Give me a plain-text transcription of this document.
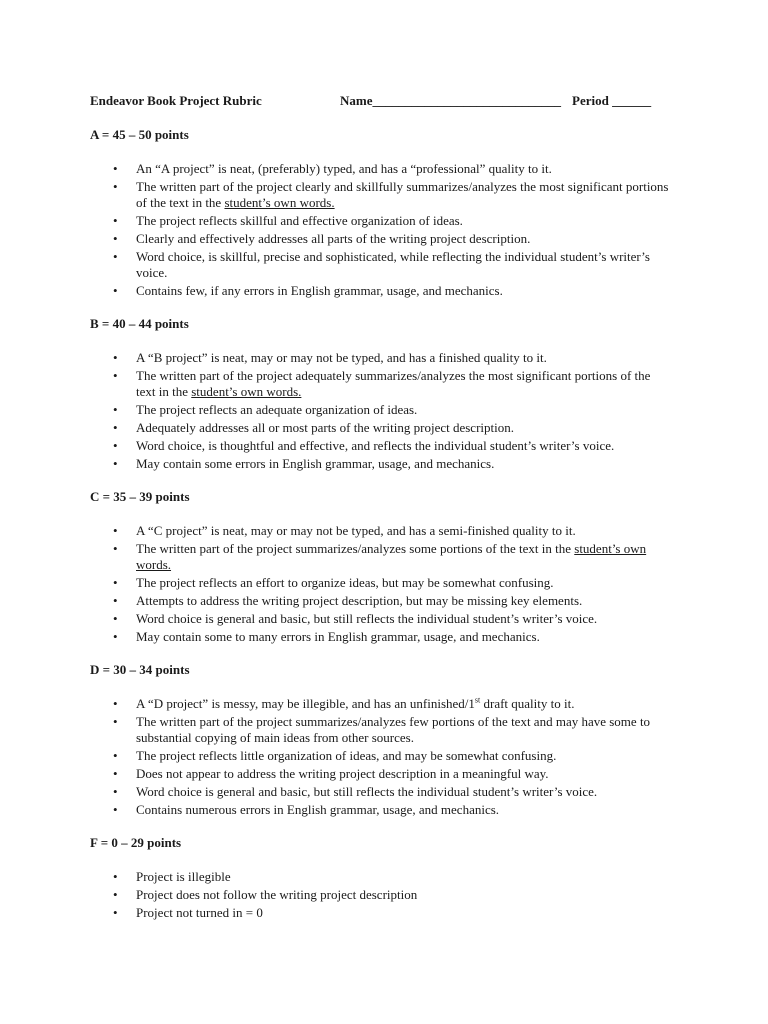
Endeavor Book Project Rubric	Name_____________________________ Period ______
A = 45 – 50 points
• An “A project” is neat, (preferably) typed, and has a “professional” quality to it.
• The written part of the project clearly and skillfully summarizes/analyzes the most significant portions of the text in the student’s own words.
• The project reflects skillful and effective organization of ideas.
• Clearly and effectively addresses all parts of the writing project description.
• Word choice, is skillful, precise and sophisticated, while reflecting the individual student’s writer’s voice.
• Contains few, if any errors in English grammar, usage, and mechanics.
B = 40 – 44 points
• A “B project” is neat, may or may not be typed, and has a finished quality to it.
• The written part of the project adequately summarizes/analyzes the most significant portions of the text in the student’s own words.
• The project reflects an adequate organization of ideas.
• Adequately addresses all or most parts of the writing project description.
• Word choice, is thoughtful and effective, and reflects the individual student’s writer’s voice.
• May contain some errors in English grammar, usage, and mechanics.
C = 35 – 39 points
• A “C project” is neat, may or may not be typed, and has a semi-finished quality to it.
• The written part of the project summarizes/analyzes some portions of the text in the student’s own words.
• The project reflects an effort to organize ideas, but may be somewhat confusing.
• Attempts to address the writing project description, but may be missing key elements.
• Word choice is general and basic, but still reflects the individual student’s writer’s voice.
• May contain some to many errors in English grammar, usage, and mechanics.
D = 30 – 34 points
• A “D project” is messy, may be illegible, and has an unfinished/1st draft quality to it.
• The written part of the project summarizes/analyzes few portions of the text and may have some to substantial copying of main ideas from other sources.
• The project reflects little organization of ideas, and may be somewhat confusing.
• Does not appear to address the writing project description in a meaningful way.
• Word choice is general and basic, but still reflects the individual student’s writer’s voice.
• Contains numerous errors in English grammar, usage, and mechanics.
F = 0 – 29 points
• Project is illegible
• Project does not follow the writing project description
• Project not turned in = 0
